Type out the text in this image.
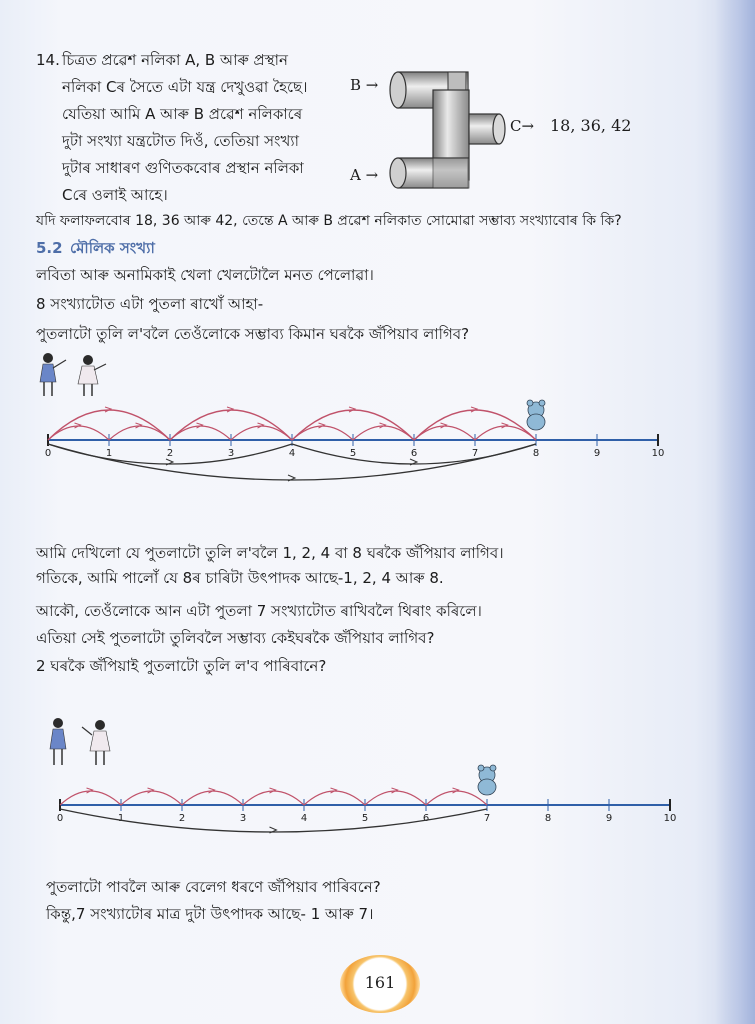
14. চিত্ৰত প্ৰৱেশ নলিকা A, B আৰু প্ৰস্থান
নলিকা Cৰ সৈতে এটা যন্ত্ৰ দেখুওৱা হৈছে।
যেতিয়া আমি A আৰু B প্ৰৱেশ নলিকাৰে
দুটা সংখ্যা যন্ত্ৰটোত দিওঁ, তেতিয়া সংখ্যা
দুটাৰ সাধাৰণ গুণিতকবোৰ প্ৰস্থান নলিকা
Cৰে ওলাই আহে।
যদি ফলাফলবোৰ 18, 36 আৰু 42, তেন্তে A আৰু B প্ৰৱেশ নলিকাত সোমোৱা সম্ভাব্য সংখ্যাবোৰ কি কি?
B →
A →
C→ 18, 36, 42
5.2 মৌলিক সংখ্যা
লবিতা আৰু অনামিকাই খেলা খেলটোলৈ মনত পেলোৱা।
8 সংখ্যাটোত এটা পুতলা ৰাখোঁ আহা-
পুতলাটো তুলি ল'বলৈ তেওঁলোকে সম্ভাব্য কিমান ঘৰকৈ জঁপিয়াব লাগিব?
0	1	2	3	4	5	6	7	8	9	10
আমি দেখিলো যে পুতলাটো তুলি ল'বলৈ 1, 2, 4 বা 8 ঘৰকৈ জঁপিয়াব লাগিব।
গতিকে, আমি পালোঁ যে 8ৰ চাৰিটা উৎপাদক আছে-1, 2, 4 আৰু 8.
আকৌ, তেওঁলোকে আন এটা পুতলা 7 সংখ্যাটোত ৰাখিবলৈ থিৰাং কৰিলে।
এতিয়া সেই পুতলাটো তুলিবলৈ সম্ভাব্য কেইঘৰকৈ জঁপিয়াব লাগিব?
2 ঘৰকৈ জঁপিয়াই পুতলাটো তুলি ল'ব পাৰিবানে?
0	1	2	3	4	5	6	7	8	9	10
পুতলাটো পাবলৈ আৰু বেলেগ ধৰণে জঁপিয়াব পাৰিবনে?
কিন্তু,7 সংখ্যাটোৰ মাত্ৰ দুটা উৎপাদক আছে- 1 আৰু 7।
161
